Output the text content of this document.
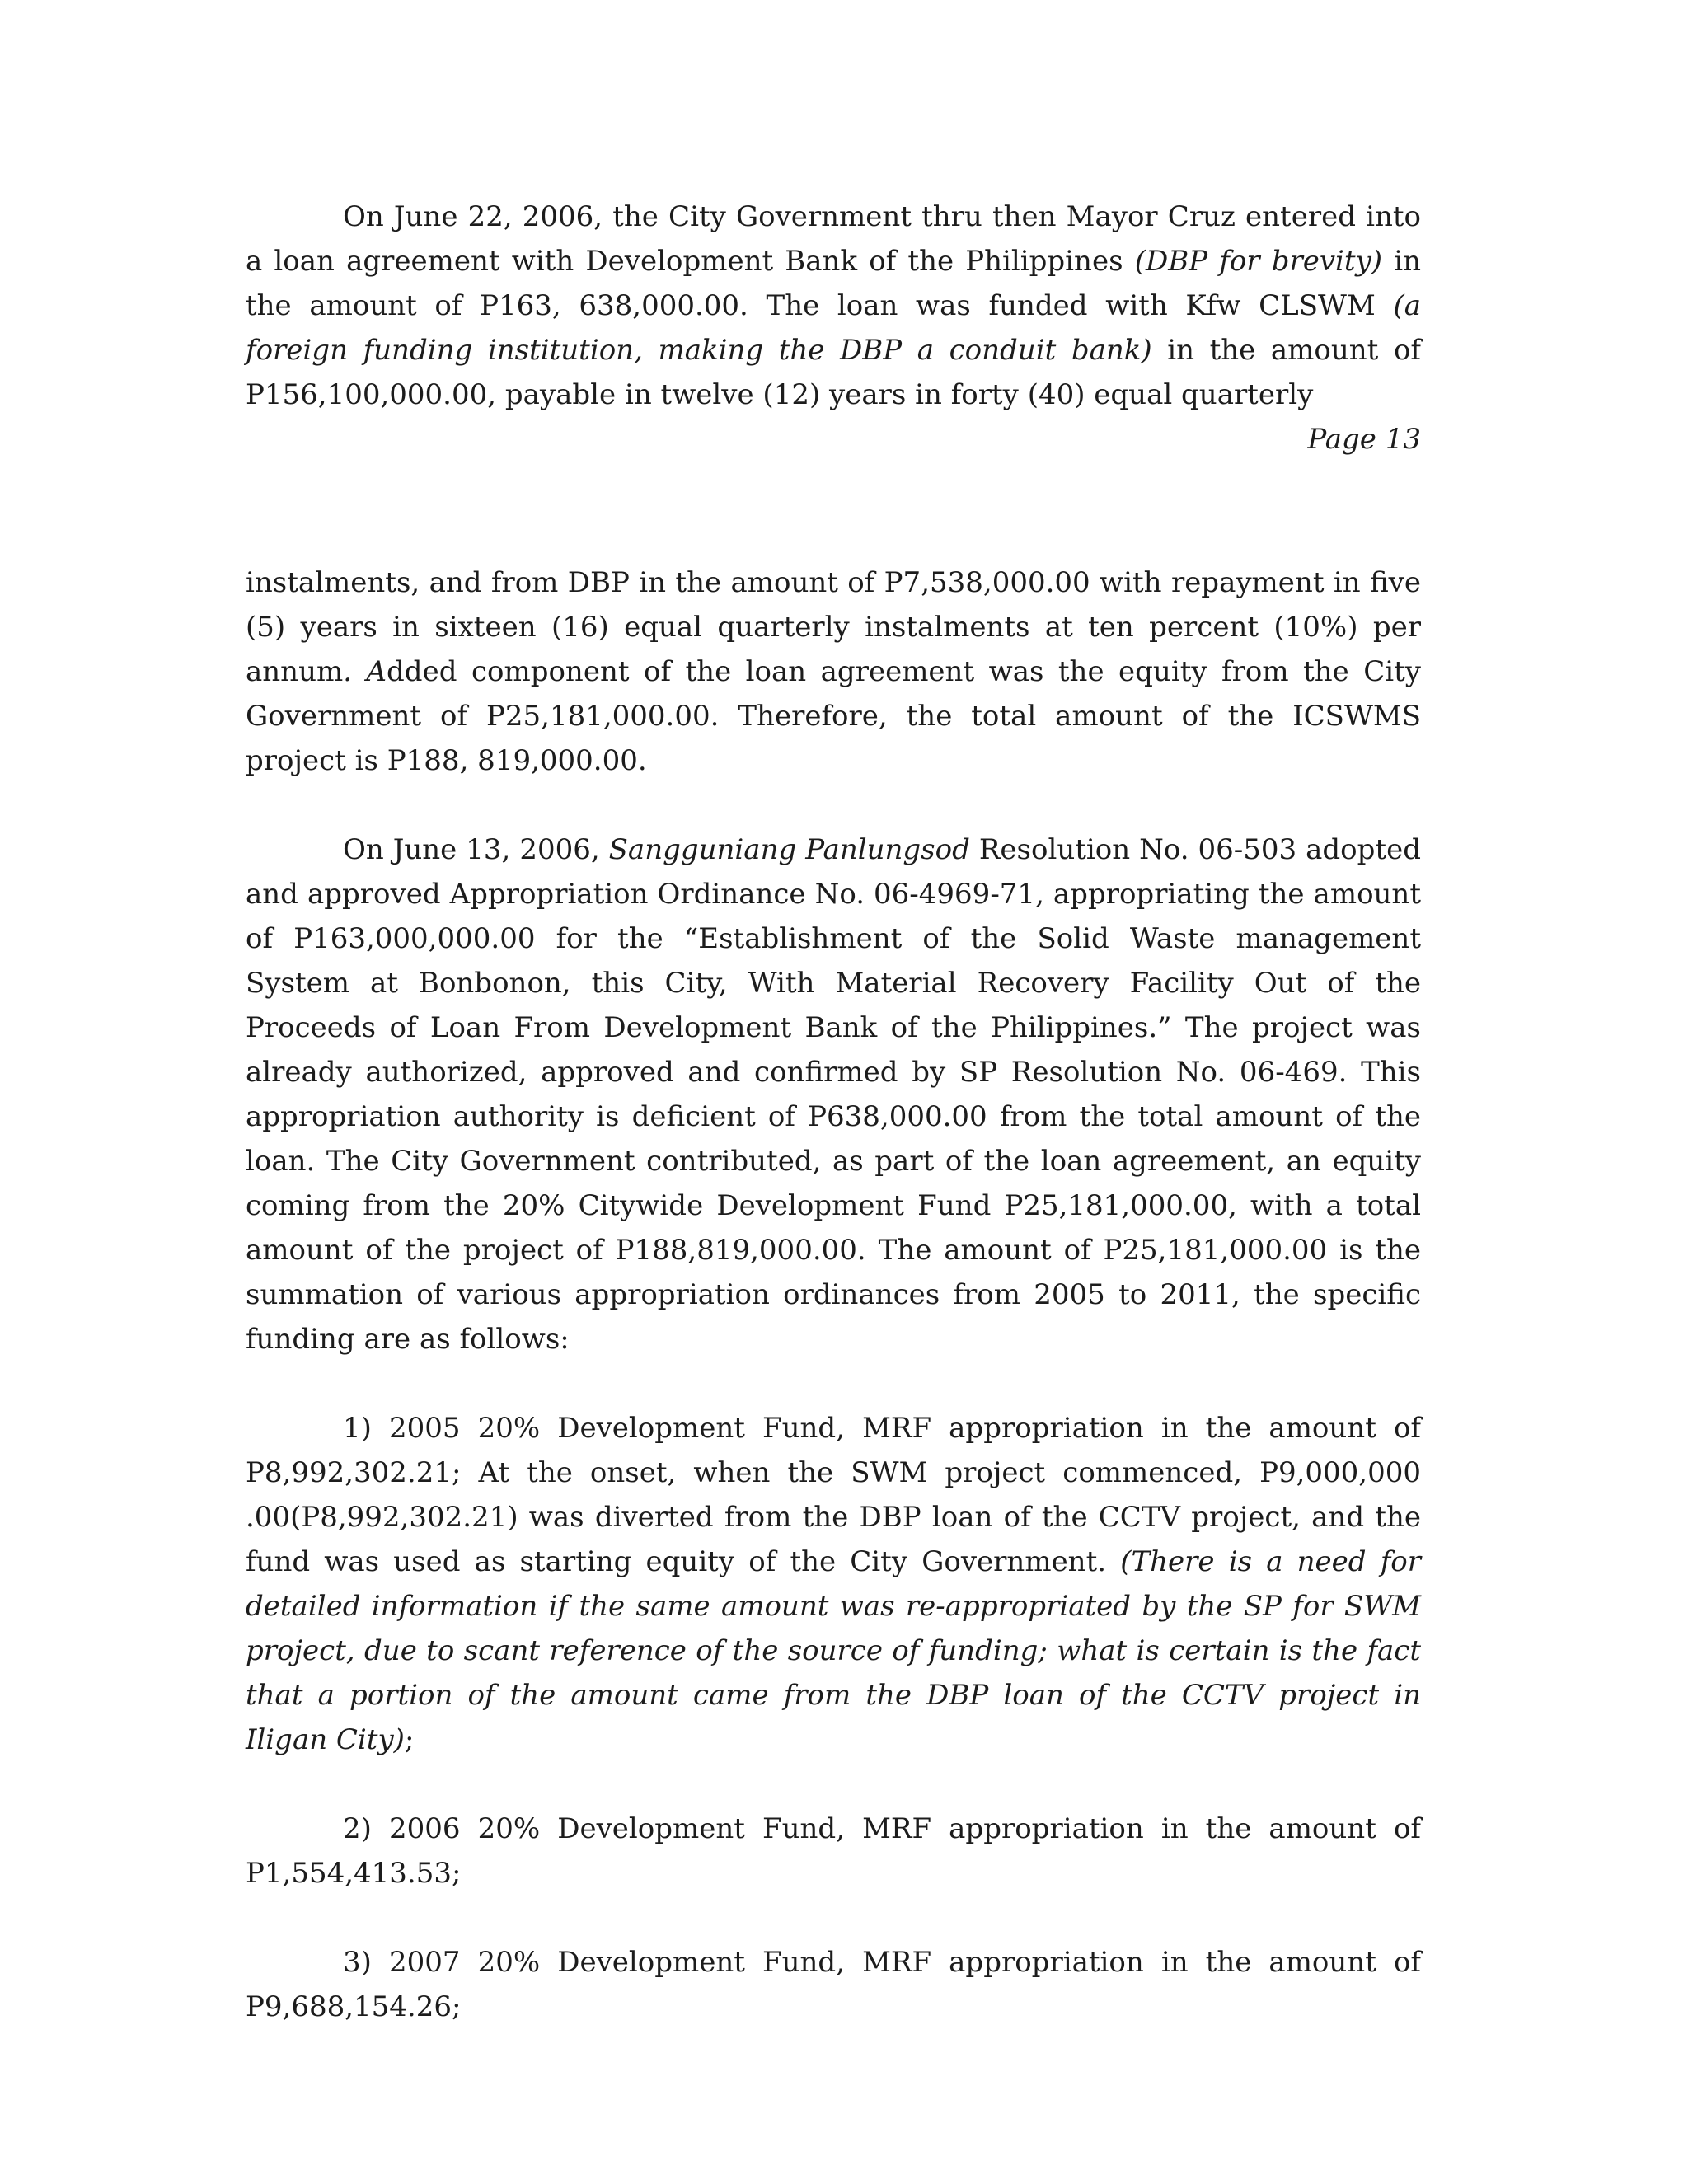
On June 22, 2006, the City Government thru then Mayor Cruz entered into a loan agreement with Development Bank of the Philippines (DBP for brevity) in the amount of P163, 638,000.00. The loan was funded with Kfw CLSWM (a foreign funding institution, making the DBP a conduit bank) in the amount of P156,100,000.00, payable in twelve (12) years in forty (40) equal quarterly

Page 13

instalments, and from DBP in the amount of P7,538,000.00 with repayment in five (5) years in sixteen (16) equal quarterly instalments at ten percent (10%) per annum. Added component of the loan agreement was the equity from the City Government of P25,181,000.00. Therefore, the total amount of the ICSWMS project is P188, 819,000.00.

On June 13, 2006, Sangguniang Panlungsod Resolution No. 06-503 adopted and approved Appropriation Ordinance No. 06-4969-71, appropriating the amount of P163,000,000.00 for the “Establishment of the Solid Waste management System at Bonbonon, this City, With Material Recovery Facility Out of the Proceeds of Loan From Development Bank of the Philippines.” The project was already authorized, approved and confirmed by SP Resolution No. 06-469. This appropriation authority is deficient of P638,000.00 from the total amount of the loan. The City Government contributed, as part of the loan agreement, an equity coming from the 20% Citywide Development Fund P25,181,000.00, with a total amount of the project of P188,819,000.00. The amount of P25,181,000.00 is the summation of various appropriation ordinances from 2005 to 2011, the specific funding are as follows:

1) 2005 20% Development Fund, MRF appropriation in the amount of P8,992,302.21; At the onset, when the SWM project commenced, P9,000,000 .00(P8,992,302.21) was diverted from the DBP loan of the CCTV project, and the fund was used as starting equity of the City Government. (There is a need for detailed information if the same amount was re-appropriated by the SP for SWM project, due to scant reference of the source of funding; what is certain is the fact that a portion of the amount came from the DBP loan of the CCTV project in Iligan City);

2) 2006 20% Development Fund, MRF appropriation in the amount of P1,554,413.53;

3) 2007 20% Development Fund, MRF appropriation in the amount of P9,688,154.26;
